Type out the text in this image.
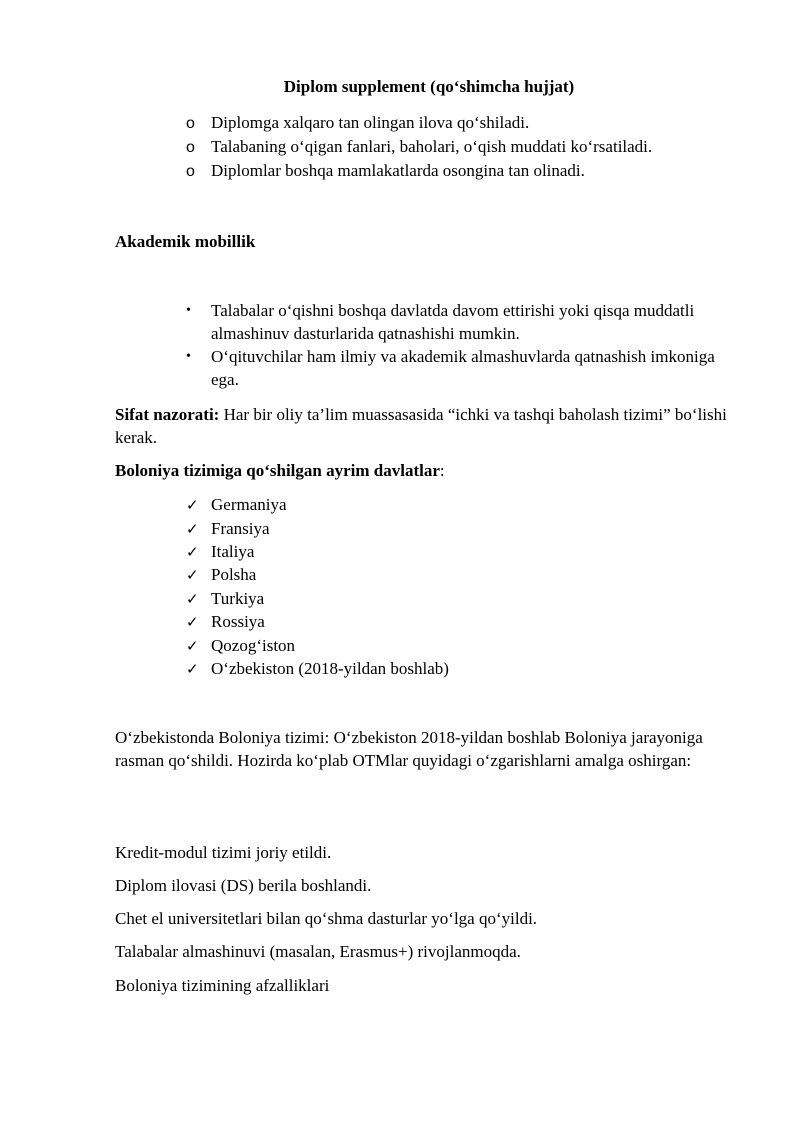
Diplom supplement (qo‘shimcha hujjat)
o Diplomga xalqaro tan olingan ilova qo‘shiladi.
o Talabaning o‘qigan fanlari, baholari, o‘qish muddati ko‘rsatiladi.
o Diplomlar boshqa mamlakatlarda osongina tan olinadi.
Akademik mobillik
•	Talabalar o‘qishni boshqa davlatda davom ettirishi yoki qisqa muddatli almashinuv dasturlarida qatnashishi mumkin.
•	O‘qituvchilar ham ilmiy va akademik almashuvlarda qatnashish imkoniga ega.
Sifat nazorati: Har bir oliy ta’lim muassasasida “ichki va tashqi baholash tizimi” bo‘lishi kerak.
Boloniya tizimiga qo‘shilgan ayrim davlatlar:
✓ Germaniya
✓ Fransiya
✓ Italiya
✓ Polsha
✓ Turkiya
✓ Rossiya
✓ Qozog‘iston
✓ O‘zbekiston (2018-yildan boshlab)
O‘zbekistonda Boloniya tizimi: O‘zbekiston 2018-yildan boshlab Boloniya jarayoniga rasman qo‘shildi. Hozirda ko‘plab OTMlar quyidagi o‘zgarishlarni amalga oshirgan:
Kredit-modul tizimi joriy etildi.
Diplom ilovasi (DS) berila boshlandi.
Chet el universitetlari bilan qo‘shma dasturlar yo‘lga qo‘yildi.
Talabalar almashinuvi (masalan, Erasmus+) rivojlanmoqda.
Boloniya tizimining afzalliklari
